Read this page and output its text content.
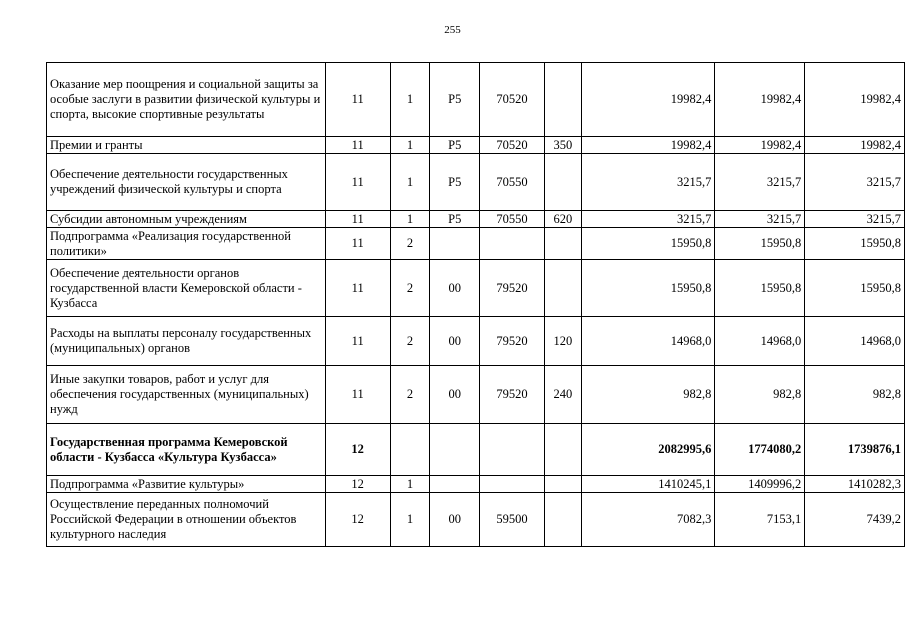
255
Оказание мер поощрения и социальной защиты за особые заслуги в развитии физической культуры и спорта, высокие спортивные результаты	11	1	Р5	70520		19982,4	19982,4	19982,4
Премии и гранты	11	1	Р5	70520	350	19982,4	19982,4	19982,4
Обеспечение деятельности государственных учреждений физической культуры и спорта	11	1	Р5	70550		3215,7	3215,7	3215,7
Субсидии автономным учреждениям	11	1	Р5	70550	620	3215,7	3215,7	3215,7
Подпрограмма «Реализация государственной политики»	11	2				15950,8	15950,8	15950,8
Обеспечение деятельности органов государственной власти Кемеровской области - Кузбасса	11	2	00	79520		15950,8	15950,8	15950,8
Расходы на выплаты персоналу государственных (муниципальных) органов	11	2	00	79520	120	14968,0	14968,0	14968,0
Иные закупки товаров, работ и услуг для обеспечения государственных (муниципальных) нужд	11	2	00	79520	240	982,8	982,8	982,8
Государственная программа Кемеровской области - Кузбасса «Культура Кузбасса»	12					2082995,6	1774080,2	1739876,1
Подпрограмма «Развитие культуры»	12	1				1410245,1	1409996,2	1410282,3
Осуществление переданных полномочий Российской Федерации в отношении объектов культурного наследия	12	1	00	59500		7082,3	7153,1	7439,2
